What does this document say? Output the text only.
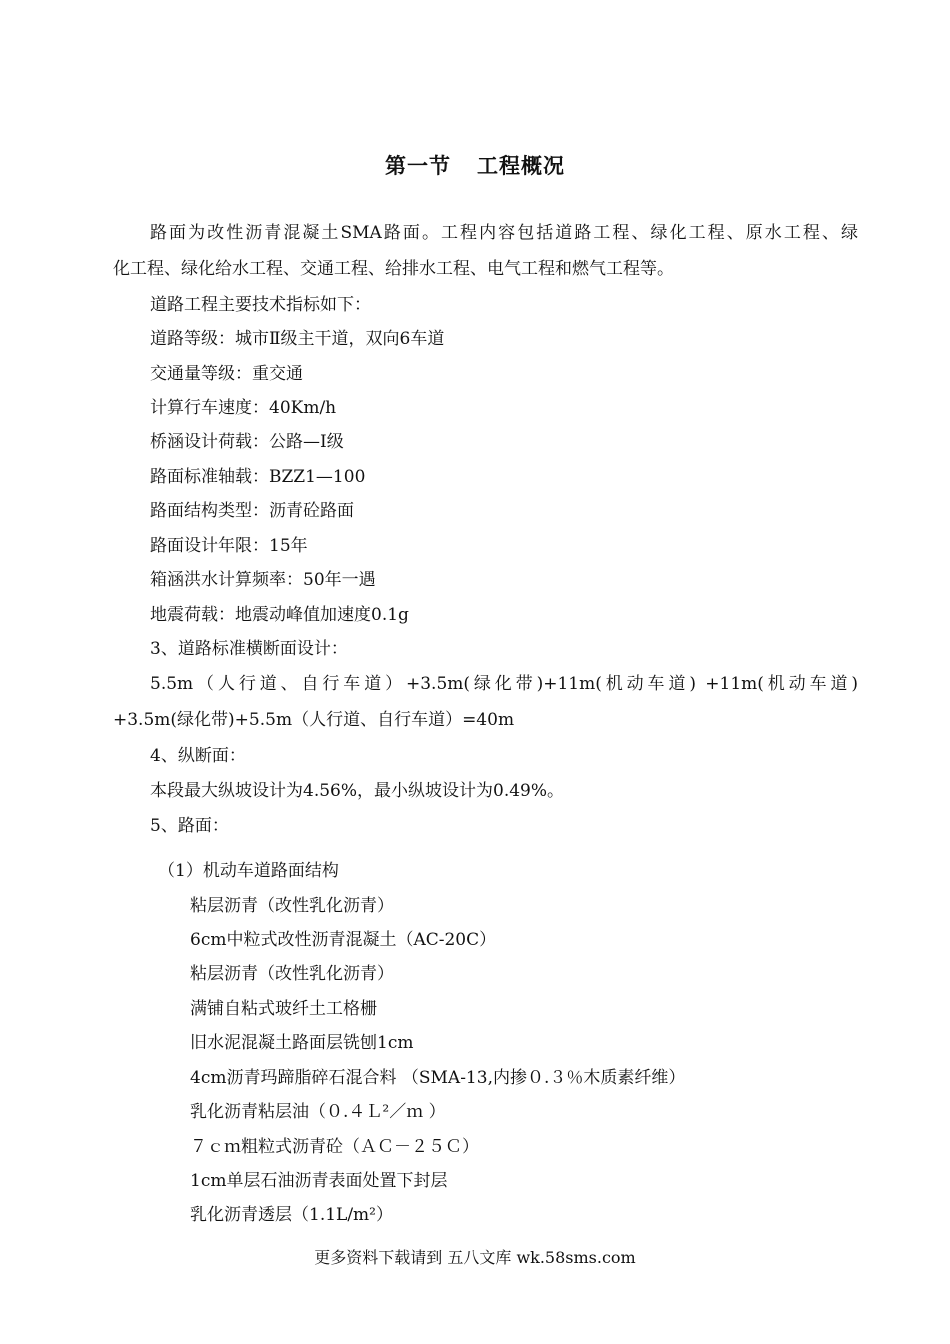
第一节 工程概况
路面为改性沥青混凝土SMA路面。工程内容包括道路工程、绿化工程、原水工程、绿
化工程、绿化给水工程、交通工程、给排水工程、电气工程和燃气工程等。
道路工程主要技术指标如下：
道路等级：城市Ⅱ级主干道，双向6车道
交通量等级：重交通
计算行车速度：40Km/h
桥涵设计荷载：公路—Ⅰ级
路面标准轴载：BZZ1—100
路面结构类型：沥青砼路面
路面设计年限：15年
箱涵洪水计算频率：50年一遇
地震荷载：地震动峰值加速度0.1g
3、道路标准横断面设计：
5.5m（人行道、自行车道）+3.5m(绿化带)+11m(机动车道) +11m(机动车道)
+3.5m(绿化带)+5.5m（人行道、自行车道）=40m
4、纵断面：
本段最大纵坡设计为4.56%，最小纵坡设计为0.49%。
5、路面：
（1）机动车道路面结构
粘层沥青（改性乳化沥青）
6cm中粒式改性沥青混凝土（AC-20C）
粘层沥青（改性乳化沥青）
满铺自粘式玻纤土工格栅
旧水泥混凝土路面层铣刨1cm
4cm沥青玛蹄脂碎石混合料 （SMA-13,内掺０.３％木质素纤维）
乳化沥青粘层油（０.４Ｌ²／ｍ ）
７ｃｍ粗粒式沥青砼（ＡＣ－２５Ｃ）
1cm单层石油沥青表面处置下封层
乳化沥青透层（1.1L/m²）
更多资料下载请到 五八文库 wk.58sms.com
